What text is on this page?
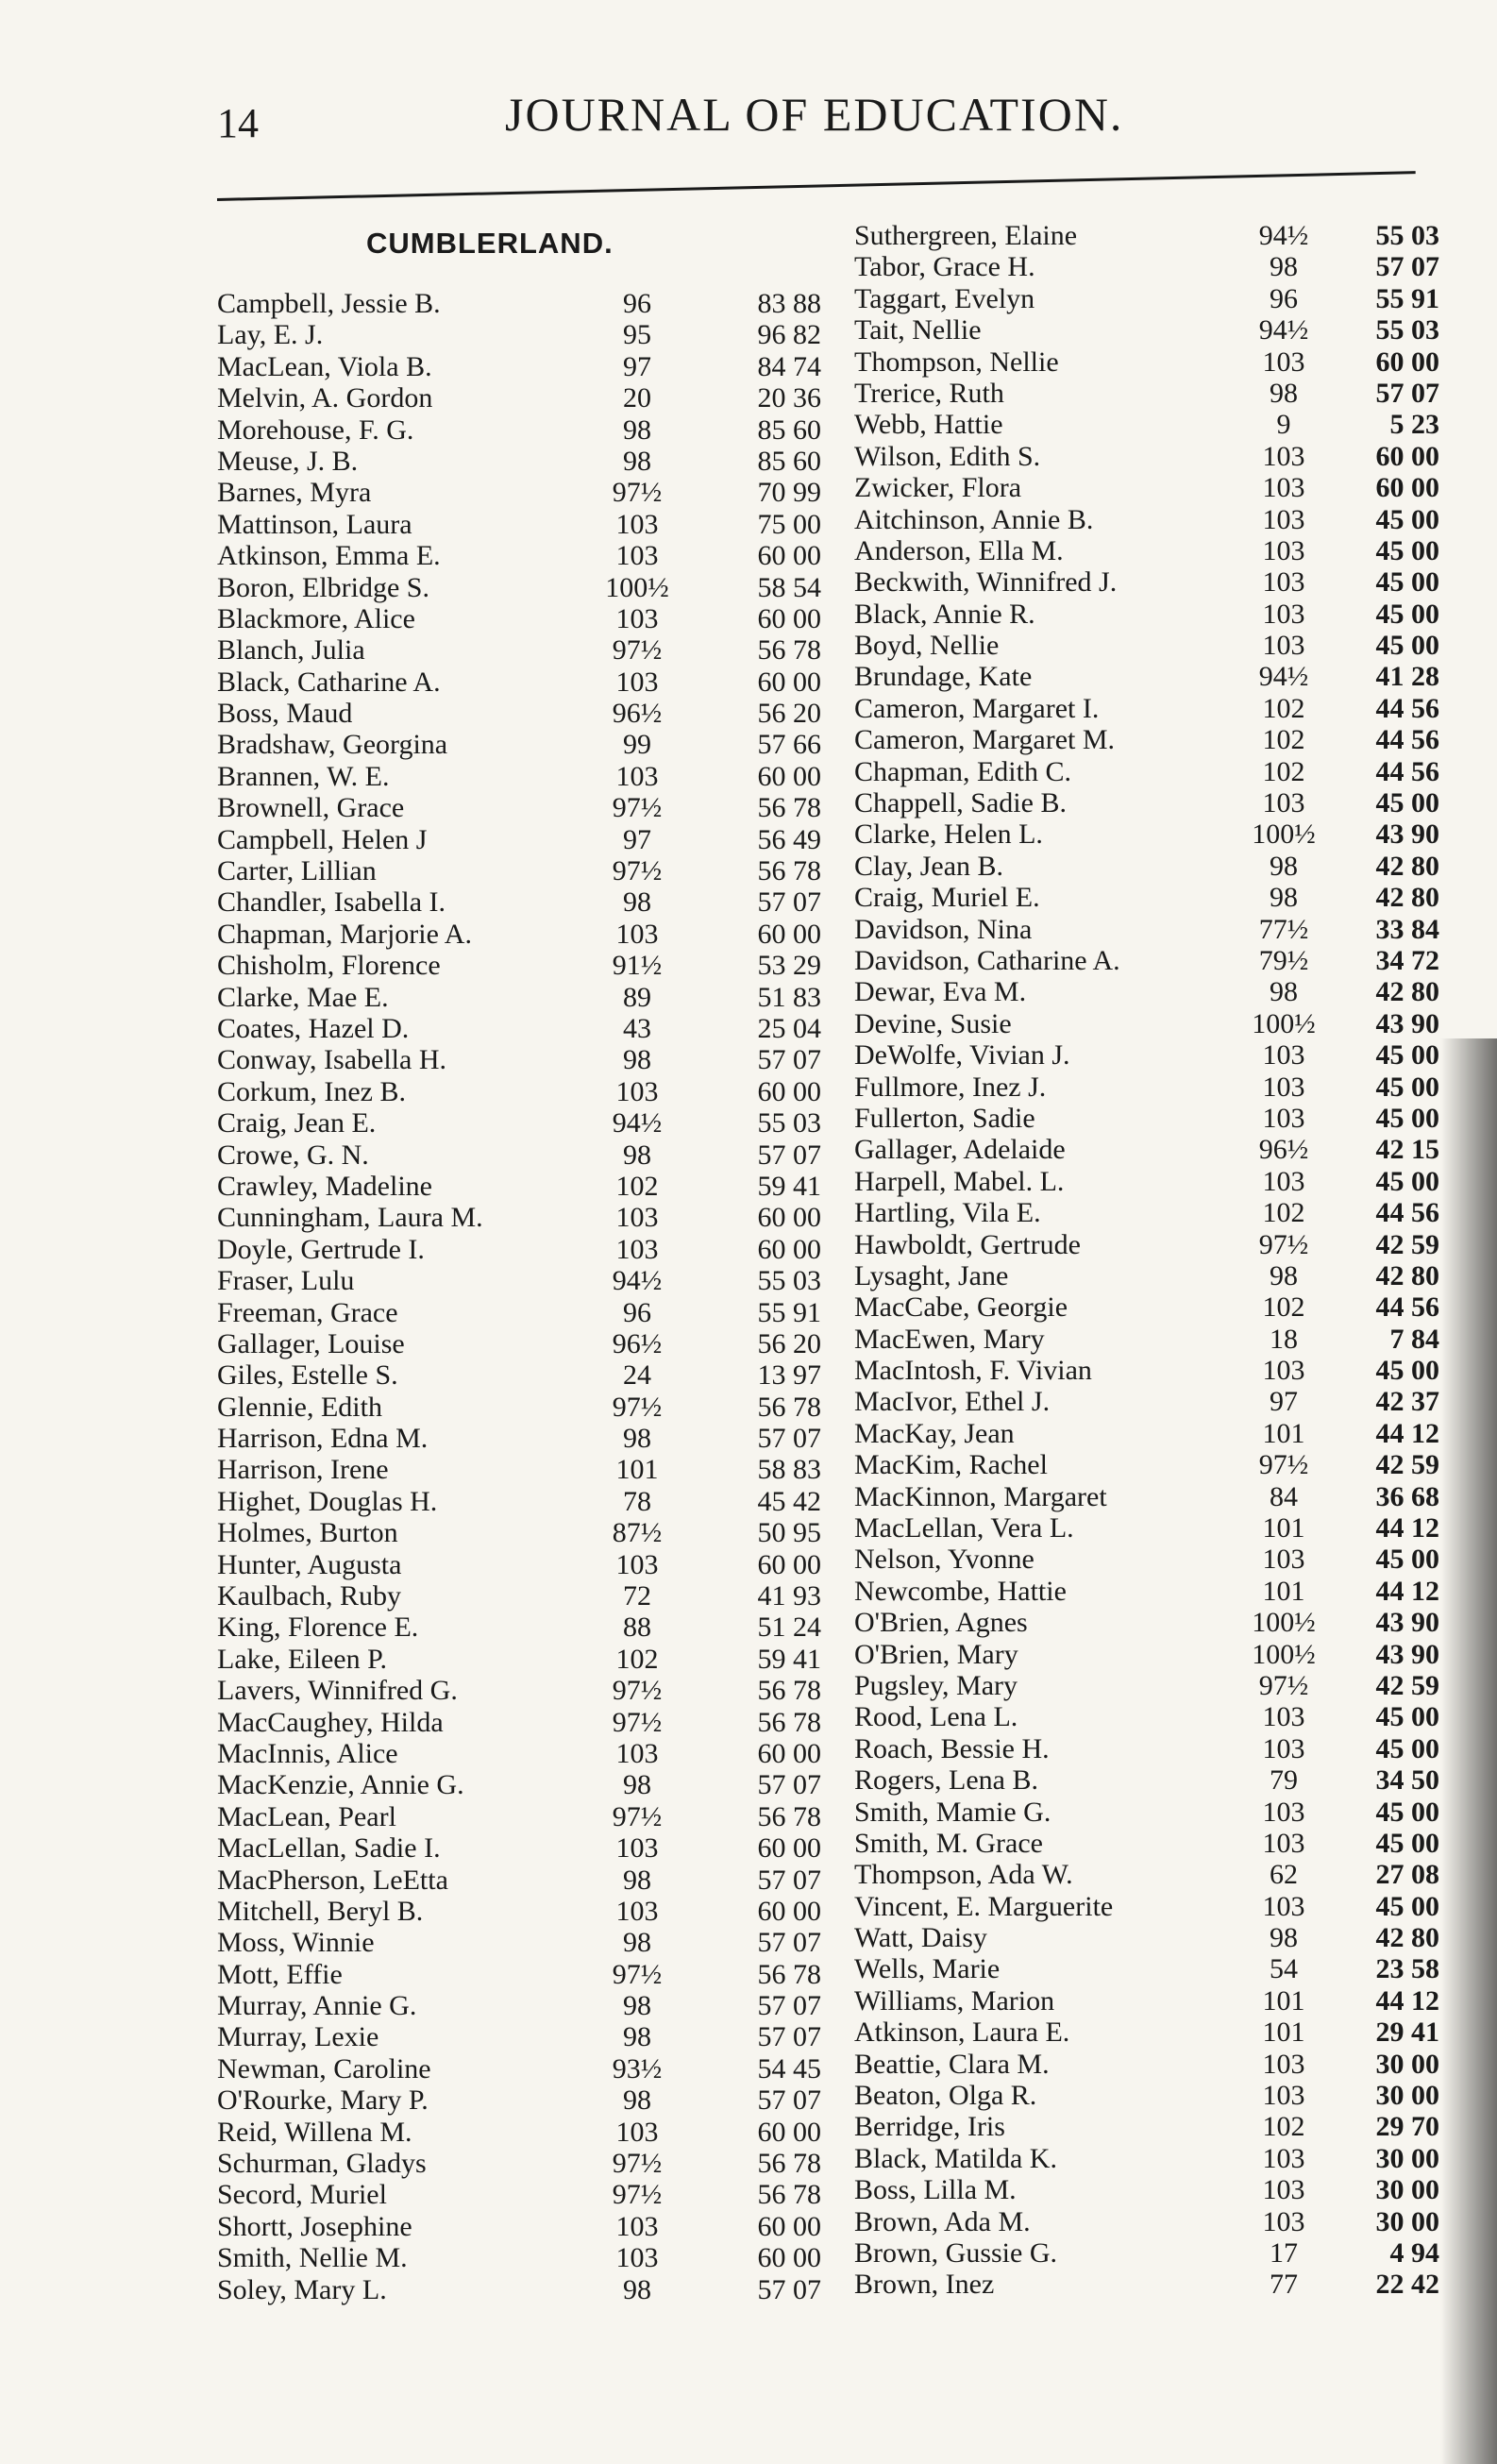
14	JOURNAL OF EDUCATION.
CUMBLERLAND.
Campbell, Jessie B.	96	83 88
Lay, E. J.	95	96 82
MacLean, Viola B.	97	84 74
Melvin, A. Gordon	20	20 36
Morehouse, F. G.	98	85 60
Meuse, J. B.	98	85 60
Barnes, Myra	97½	70 99
Mattinson, Laura	103	75 00
Atkinson, Emma E.	103	60 00
Boron, Elbridge S.	100½	58 54
Blackmore, Alice	103	60 00
Blanch, Julia	97½	56 78
Black, Catharine A.	103	60 00
Boss, Maud	96½	56 20
Bradshaw, Georgina	99	57 66
Brannen, W. E.	103	60 00
Brownell, Grace	97½	56 78
Campbell, Helen J	97	56 49
Carter, Lillian	97½	56 78
Chandler, Isabella I.	98	57 07
Chapman, Marjorie A.	103	60 00
Chisholm, Florence	91½	53 29
Clarke, Mae E.	89	51 83
Coates, Hazel D.	43	25 04
Conway, Isabella H.	98	57 07
Corkum, Inez B.	103	60 00
Craig, Jean E.	94½	55 03
Crowe, G. N.	98	57 07
Crawley, Madeline	102	59 41
Cunningham, Laura M.	103	60 00
Doyle, Gertrude I.	103	60 00
Fraser, Lulu	94½	55 03
Freeman, Grace	96	55 91
Gallager, Louise	96½	56 20
Giles, Estelle S.	24	13 97
Glennie, Edith	97½	56 78
Harrison, Edna M.	98	57 07
Harrison, Irene	101	58 83
Highet, Douglas H.	78	45 42
Holmes, Burton	87½	50 95
Hunter, Augusta	103	60 00
Kaulbach, Ruby	72	41 93
King, Florence E.	88	51 24
Lake, Eileen P.	102	59 41
Lavers, Winnifred G.	97½	56 78
MacCaughey, Hilda	97½	56 78
MacInnis, Alice	103	60 00
MacKenzie, Annie G.	98	57 07
MacLean, Pearl	97½	56 78
MacLellan, Sadie I.	103	60 00
MacPherson, LeEtta	98	57 07
Mitchell, Beryl B.	103	60 00
Moss, Winnie	98	57 07
Mott, Effie	97½	56 78
Murray, Annie G.	98	57 07
Murray, Lexie	98	57 07
Newman, Caroline	93½	54 45
O'Rourke, Mary P.	98	57 07
Reid, Willena M.	103	60 00
Schurman, Gladys	97½	56 78
Secord, Muriel	97½	56 78
Shortt, Josephine	103	60 00
Smith, Nellie M.	103	60 00
Soley, Mary L.	98	57 07
Suthergreen, Elaine	94½	55 03
Tabor, Grace H.	98	57 07
Taggart, Evelyn	96	55 91
Tait, Nellie	94½	55 03
Thompson, Nellie	103	60 00
Trerice, Ruth	98	57 07
Webb, Hattie	9	5 23
Wilson, Edith S.	103	60 00
Zwicker, Flora	103	60 00
Aitchinson, Annie B.	103	45 00
Anderson, Ella M.	103	45 00
Beckwith, Winnifred J.	103	45 00
Black, Annie R.	103	45 00
Boyd, Nellie	103	45 00
Brundage, Kate	94½	41 28
Cameron, Margaret I.	102	44 56
Cameron, Margaret M.	102	44 56
Chapman, Edith C.	102	44 56
Chappell, Sadie B.	103	45 00
Clarke, Helen L.	100½	43 90
Clay, Jean B.	98	42 80
Craig, Muriel E.	98	42 80
Davidson, Nina	77½	33 84
Davidson, Catharine A.	79½	34 72
Dewar, Eva M.	98	42 80
Devine, Susie	100½	43 90
DeWolfe, Vivian J.	103	45 00
Fullmore, Inez J.	103	45 00
Fullerton, Sadie	103	45 00
Gallager, Adelaide	96½	42 15
Harpell, Mabel. L.	103	45 00
Hartling, Vila E.	102	44 56
Hawboldt, Gertrude	97½	42 59
Lysaght, Jane	98	42 80
MacCabe, Georgie	102	44 56
MacEwen, Mary	18	7 84
MacIntosh, F. Vivian	103	45 00
MacIvor, Ethel J.	97	42 37
MacKay, Jean	101	44 12
MacKim, Rachel	97½	42 59
MacKinnon, Margaret	84	36 68
MacLellan, Vera L.	101	44 12
Nelson, Yvonne	103	45 00
Newcombe, Hattie	101	44 12
O'Brien, Agnes	100½	43 90
O'Brien, Mary	100½	43 90
Pugsley, Mary	97½	42 59
Rood, Lena L.	103	45 00
Roach, Bessie H.	103	45 00
Rogers, Lena B.	79	34 50
Smith, Mamie G.	103	45 00
Smith, M. Grace	103	45 00
Thompson, Ada W.	62	27 08
Vincent, E. Marguerite	103	45 00
Watt, Daisy	98	42 80
Wells, Marie	54	23 58
Williams, Marion	101	44 12
Atkinson, Laura E.	101	29 41
Beattie, Clara M.	103	30 00
Beaton, Olga R.	103	30 00
Berridge, Iris	102	29 70
Black, Matilda K.	103	30 00
Boss, Lilla M.	103	30 00
Brown, Ada M.	103	30 00
Brown, Gussie G.	17	4 94
Brown, Inez	77	22 42
